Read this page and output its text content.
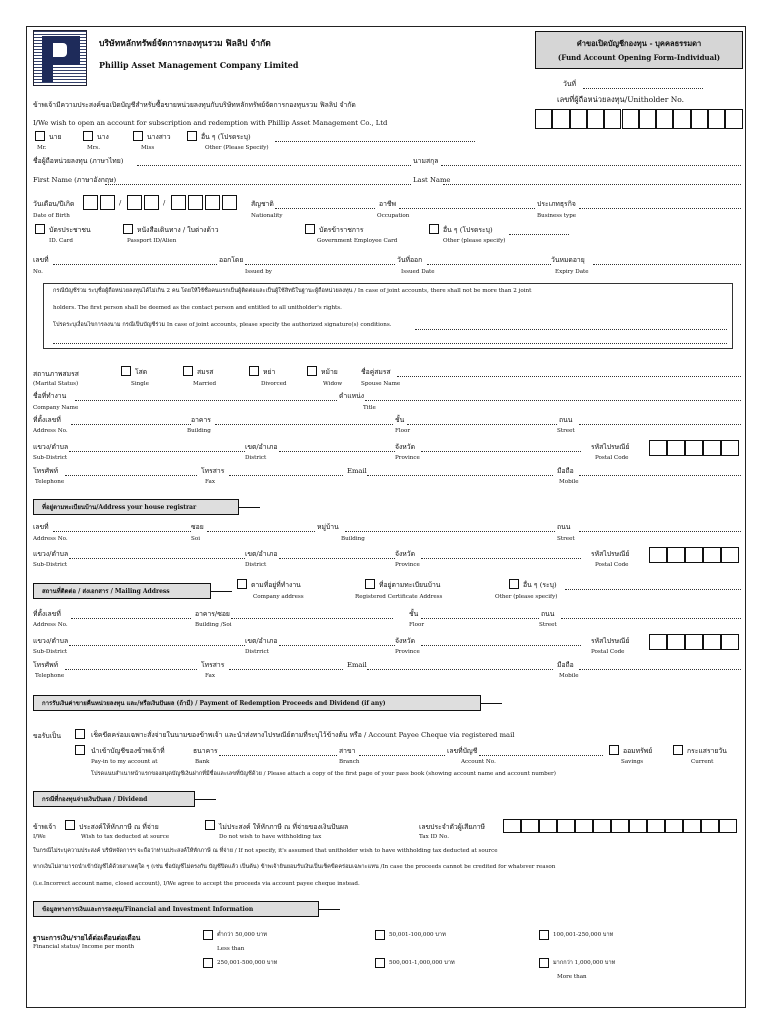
บริษัทหลักทรัพย์จัดการกองทุนรวม ฟิลลิป จำกัด
Phillip Asset Management Company Limited
คำขอเปิดบัญชีกองทุน - บุคคลธรรมดา
(Fund Account Opening Form-Individual)
วันที่
เลขที่ผู้ถือหน่วยลงทุน/Unitholder No.
ข้าพเจ้ามีความประสงค์ขอเปิดบัญชีสำหรับซื้อขายหน่วยลงทุนกับบริษัทหลักทรัพย์จัดการกองทุนรวม ฟิลลิป จำกัด
I/We wish to open an account for subscription and redemption with Phillip Asset Management Co., Ltd
นาย
Mr.
นาง
Mrs.
นางสาว
Miss
อื่น ๆ (โปรดระบุ)
Other (Please Specify)
ชื่อผู้ถือหน่วยลงทุน (ภาษาไทย)	นามสกุล
First Name (ภาษาอังกฤษ)	Last Name
วันเดือน/ปีเกิด
Date of Birth
/	/	สัญชาติ
Nationality
อาชีพ
Occupation
ประเภทธุรกิจ
Business type
บัตรประชาชน
ID. Card
หนังสือเดินทาง / ใบต่างด้าว
Passport ID/Alien
บัตรข้าราชการ
Government Employee Card
อื่น ๆ (โปรดระบุ)
Other (please specify)
เลขที่
No.
ออกโดย
Issued by
วันที่ออก
Issued Date
วันหมดอายุ
Expiry Date
กรณีบัญชีร่วม ระบุชื่อผู้ถือหน่วยลงทุนได้ไม่เกิน 2 คน โดยให้ใช้ชื่อคนแรกเป็นผู้ติดต่อและเป็นผู้ใช้สิทธิในฐานะผู้ถือหน่วยลงทุน / In case of joint accounts, there shall not be more than 2 joint
holders. The first person shall be deemed as the contact person and entitled to all unitholder's rights.
โปรดระบุเงื่อนไขการลงนาม กรณีเป็นบัญชีร่วม In case of joint accounts, please specify the authorized signature(s) conditions.
สถานภาพสมรส
(Marital Status)
โสด
Single
สมรส
Married
หย่า
Divorced
หม้าย
Widow
ชื่อคู่สมรส
Spouse Name
ชื่อที่ทำงาน
Company Name
ตำแหน่ง
Title
ที่ตั้งเลขที่
Address No.
อาคาร
Building
ชั้น
Floor
ถนน
Street
แขวง/ตำบล
Sub-District
เขต/อำเภอ
District
จังหวัด
Province
รหัสไปรษณีย์
Postal Code
โทรศัพท์
Telephone
โทรสาร
Fax
Email	มือถือ
Mobile
ที่อยู่ตามทะเบียนบ้าน/Address your house registrar
เลขที่
Address No.
ซอย
Soi
หมู่บ้าน
Building
ถนน
Street
แขวง/ตำบล
Sub-District
เขต/อำเภอ
District
จังหวัด
Province
รหัสไปรษณีย์
Postal Code
สถานที่ติดต่อ / ส่งเอกสาร / Mailing Address
ตามที่อยู่ที่ทำงาน
Company address
ที่อยู่ตามทะเบียนบ้าน
Registered Certificate Address
อื่น ๆ (ระบุ)
Other (please specify)
ที่ตั้งเลขที่
Address No.
อาคาร/ซอย
Building /Soi
ชั้น
Floor
ถนน
Street
แขวง/ตำบล
Sub-District
เขต/อำเภอ
Distrrict
จังหวัด
Province
รหัสไปรษณีย์
Postal Code
โทรศัพท์
Telephone
โทรสาร
Fax
Email	มือถือ
Mobile
การรับเงินค่าขายคืนหน่วยลงทุน และ/หรือเงินปันผล (ถ้ามี) / Payment of Redemption Proceeds and Dividend (if any)
ขอรับเป็น	เช็คขีดคร่อมเฉพาะสั่งจ่ายในนามของข้าพเจ้า และนำส่งทางไปรษณีย์ตามที่ระบุไว้ข้างต้น หรือ / Account Payee Cheque via registered mail
นำเข้าบัญชีของข้าพเจ้าที่
Pay-in to my account at
ธนาคาร
Bank
สาขา
Branch
เลขที่บัญชี
Account No.
ออมทรัพย์
Savings
กระแสรายวัน
Current
โปรดแนบสำเนาหน้าแรกของสมุดบัญชีเงินฝากที่มีชื่อและเลขที่บัญชีด้วย / Please attach a copy of the first page of your pass book (showing account name and account number)
กรณีที่กองทุนจ่ายเงินปันผล / Dividend
ข้าพเจ้า
I/We
ประสงค์ให้หักภาษี ณ ที่จ่าย
Wish to tax deducted at source
ไม่ประสงค์ ให้หักภาษี ณ ที่จ่ายของเงินปันผล
Do not wish to have withholding tax
เลขประจำตัวผู้เสียภาษี
Tax ID No.
ในกรณีไม่ระบุความประสงค์ บริษัทจัดการฯ จะถือว่าท่านประสงค์ให้หักภาษี ณ ที่จ่าย / If not specify, it's assumed that unitholder wish to have withholding tax deducted at source
หากเงินไม่สามารถนำเข้าบัญชีได้ด้วยสาเหตุใด ๆ (เช่น ชื่อบัญชีไม่ตรงกัน บัญชีปิดแล้ว เป็นต้น) ข้าพเจ้ายินยอมรับเงินเป็นเช็คขีดคร่อมเฉพาะแทน /In case the proceeds cannot be credited for whatever reason
(i.e.Incorrect account name, closed account), I/We agree to accept the proceeds via account payee cheque instead.
ข้อมูลทางการเงินและการลงทุน/Financial and Investment Information
ฐานะการเงิน/รายได้ต่อเดือนต่อเดือน
Financial status/ Income per month
ต่ำกว่า 50,000 บาท
Less than
50,001-100,000 บาท	100,001-250,000 บาท
250,001-500,000 บาท	500,001-1,000,000 บาท	มากกว่า 1,000,000 บาท
More than
